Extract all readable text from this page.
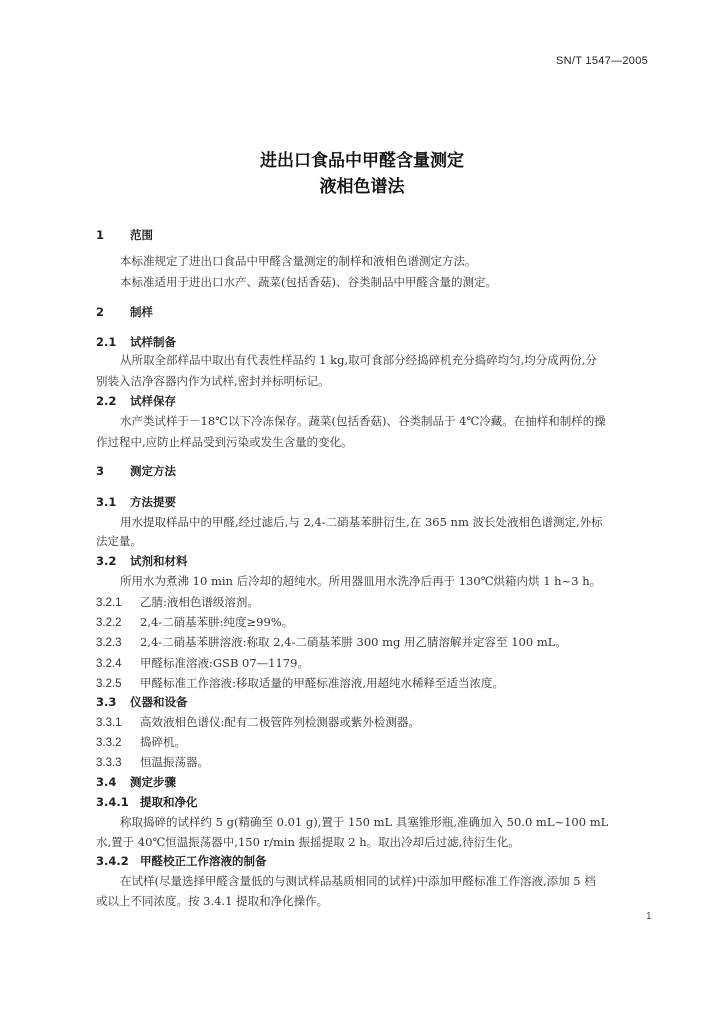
SN/T 1547—2005
进出口食品中甲醛含量测定
液相色谱法
1 范围
本标准规定了进出口食品中甲醛含量测定的制样和液相色谱测定方法。
本标准适用于进出口水产、蔬菜(包括香菇)、谷类制品中甲醛含量的测定。
2 制样
2.1 试样制备
从所取全部样品中取出有代表性样品约 1 kg,取可食部分经捣碎机充分捣碎均匀,均分成两份,分
别装入洁净容器内作为试样,密封并标明标记。
2.2 试样保存
水产类试样于－18℃以下冷冻保存。蔬菜(包括香菇)、谷类制品于 4℃冷藏。在抽样和制样的操
作过程中,应防止样品受到污染或发生含量的变化。
3 测定方法
3.1 方法提要
用水提取样品中的甲醛,经过滤后,与 2,4-二硝基苯肼衍生,在 365 nm 波长处液相色谱测定,外标
法定量。
3.2 试剂和材料
所用水为煮沸 10 min 后冷却的超纯水。所用器皿用水洗净后再于 130℃烘箱内烘 1 h~3 h。
3.2.1 乙腈:液相色谱级溶剂。
3.2.2 2,4-二硝基苯肼:纯度≥99%。
3.2.3 2,4-二硝基苯肼溶液:称取 2,4-二硝基苯肼 300 mg 用乙腈溶解并定容至 100 mL。
3.2.4 甲醛标准溶液:GSB 07—1179。
3.2.5 甲醛标准工作溶液:移取适量的甲醛标准溶液,用超纯水稀释至适当浓度。
3.3 仪器和设备
3.3.1 高效液相色谱仪:配有二极管阵列检测器或紫外检测器。
3.3.2 捣碎机。
3.3.3 恒温振荡器。
3.4 测定步骤
3.4.1 提取和净化
称取捣碎的试样约 5 g(精确至 0.01 g),置于 150 mL 具塞锥形瓶,准确加入 50.0 mL~100 mL
水,置于 40℃恒温振荡器中,150 r/min 振摇提取 2 h。取出冷却后过滤,待衍生化。
3.4.2 甲醛校正工作溶液的制备
在试样(尽量选择甲醛含量低的与测试样品基质相同的试样)中添加甲醛标准工作溶液,添加 5 档
或以上不同浓度。按 3.4.1 提取和净化操作。
1
